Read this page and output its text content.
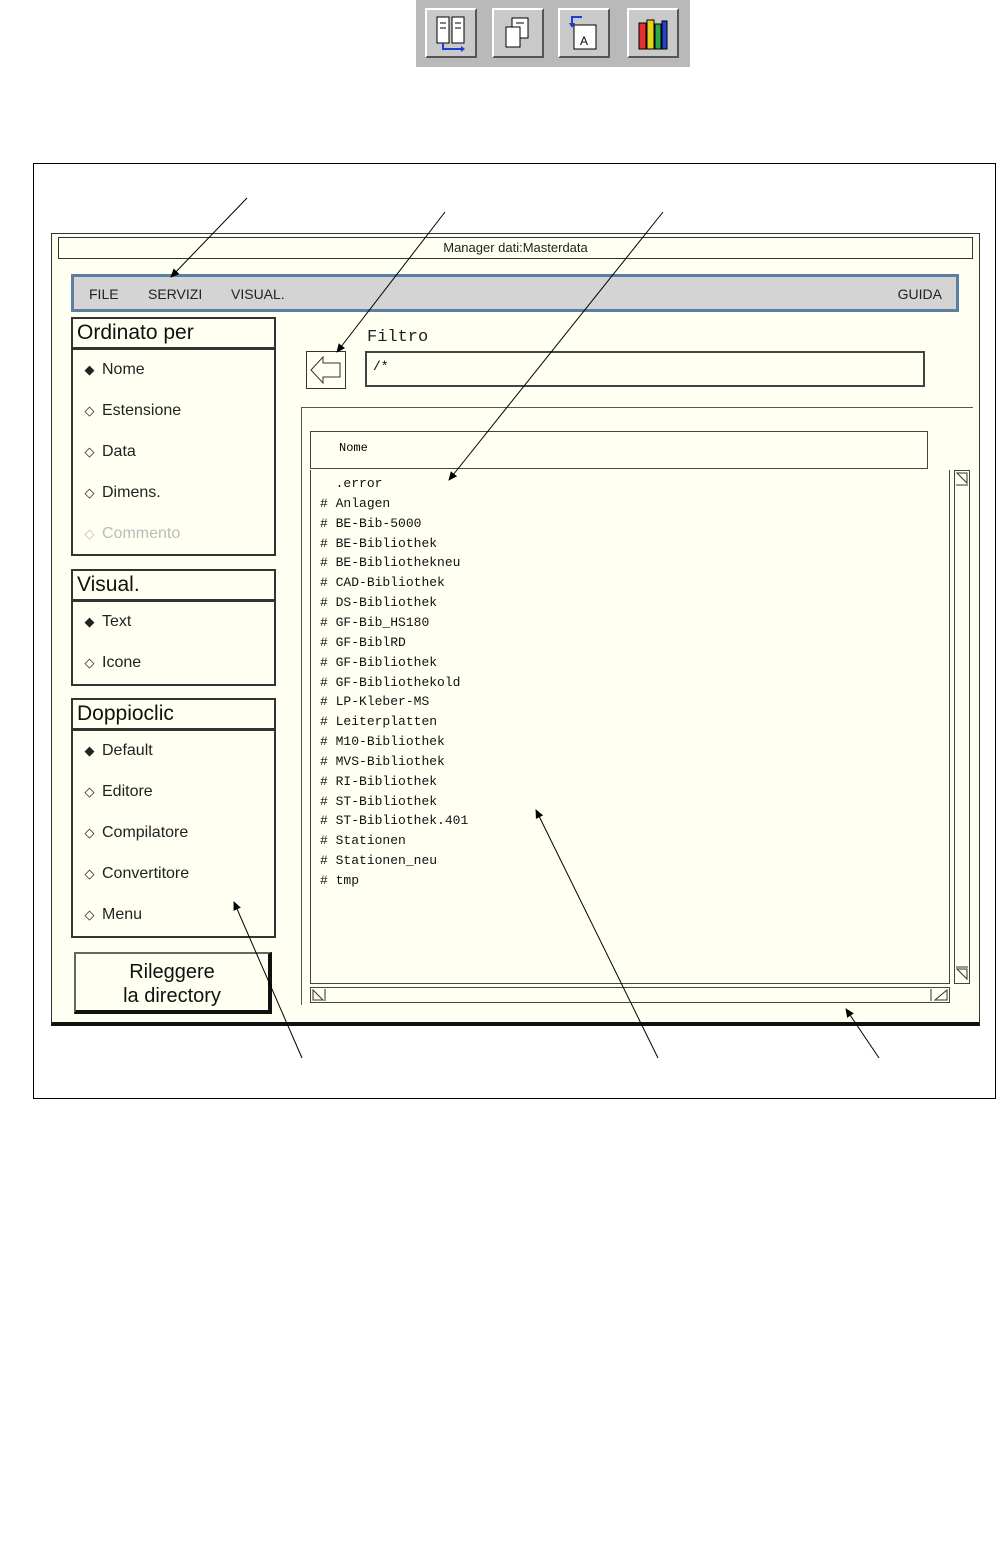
A
Manager dati:Masterdata
FILE SERVIZI VISUAL.	GUIDA
Ordinato per
◆ Nome
◇ Estensione
◇ Data
◇ Dimens.
◇ Commento
Visual.
◆ Text
◇ Icone
Doppioclic
◆ Default
◇ Editore
◇ Compilatore
◇ Convertitore
◇ Menu
Rileggere
la directory
Filtro
/*
Nome
.error
# Anlagen
# BE-Bib-5000
# BE-Bibliothek
# BE-Bibliothekneu
# CAD-Bibliothek
# DS-Bibliothek
# GF-Bib_HS180
# GF-BiblRD
# GF-Bibliothek
# GF-Bibliothekold
# LP-Kleber-MS
# Leiterplatten
# M10-Bibliothek
# MVS-Bibliothek
# RI-Bibliothek
# ST-Bibliothek
# ST-Bibliothek.401
# Stationen
# Stationen_neu
# tmp
